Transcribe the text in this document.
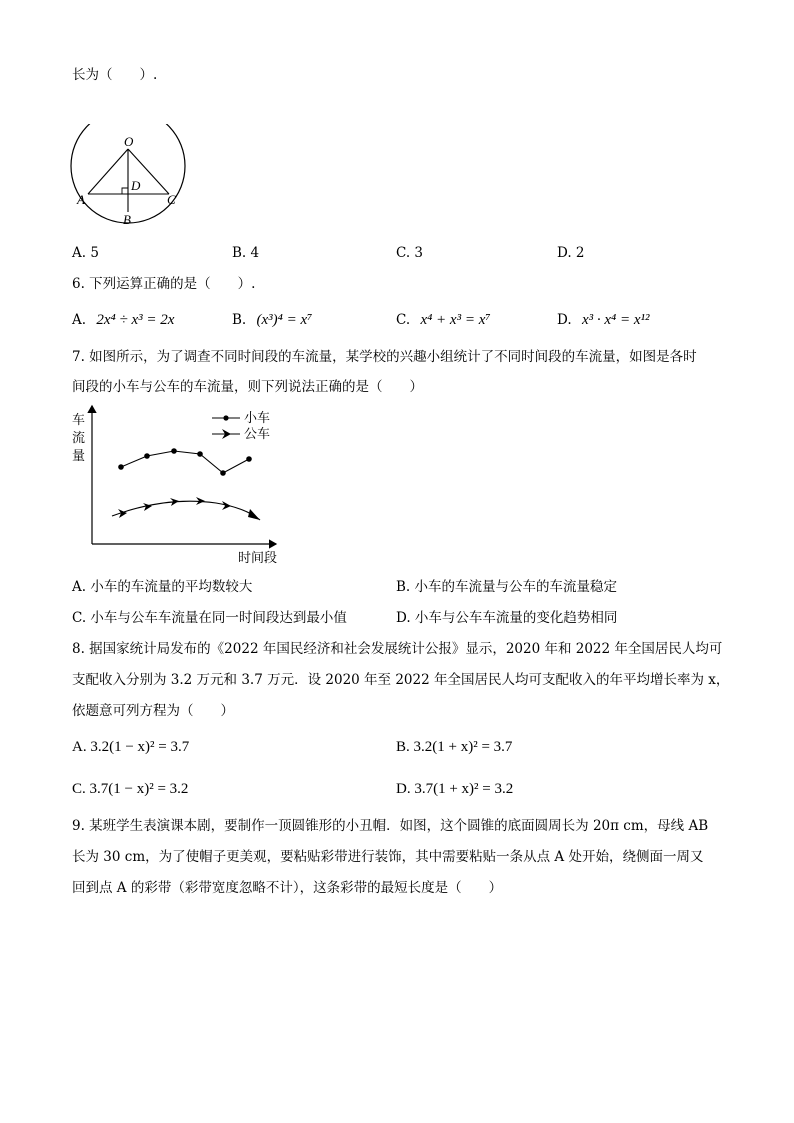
长为（　　）.
O
D
A
B
C
A. 5	B. 4	C. 3	D. 2
6. 下列运算正确的是（　　）.
A. 2x⁴ ÷ x³ = 2x	B. (x³)⁴ = x⁷	C. x⁴ + x³ = x⁷	D. x³ · x⁴ = x¹²
7. 如图所示，为了调查不同时间段的车流量，某学校的兴趣小组统计了不同时间段的车流量，如图是各时
间段的小车与公车的车流量，则下列说法正确的是（　　）
车
流
量
时间段
小车
公车
A. 小车的车流量的平均数较大	B. 小车的车流量与公车的车流量稳定
C. 小车与公车车流量在同一时间段达到最小值	D. 小车与公车车流量的变化趋势相同
8. 据国家统计局发布的《2022 年国民经济和社会发展统计公报》显示，2020 年和 2022 年全国居民人均可
支配收入分别为 3.2 万元和 3.7 万元．设 2020 年至 2022 年全国居民人均可支配收入的年平均增长率为 x，
依题意可列方程为（　　）
A. 3.2(1 − x)² = 3.7	B. 3.2(1 + x)² = 3.7
C. 3.7(1 − x)² = 3.2	D. 3.7(1 + x)² = 3.2
9. 某班学生表演课本剧，要制作一顶圆锥形的小丑帽．如图，这个圆锥的底面圆周长为 20π cm，母线 AB
长为 30 cm，为了使帽子更美观，要粘贴彩带进行装饰，其中需要粘贴一条从点 A 处开始，绕侧面一周又
回到点 A 的彩带（彩带宽度忽略不计），这条彩带的最短长度是（　　）
